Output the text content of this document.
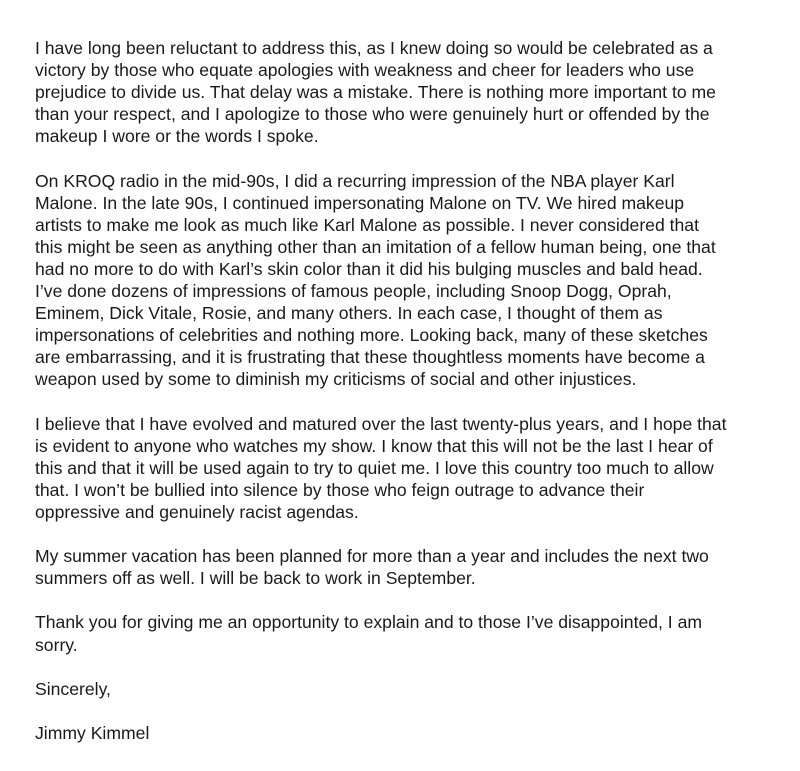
I have long been reluctant to address this, as I knew doing so would be celebrated as a
victory by those who equate apologies with weakness and cheer for leaders who use
prejudice to divide us. That delay was a mistake. There is nothing more important to me
than your respect, and I apologize to those who were genuinely hurt or offended by the
makeup I wore or the words I spoke.
On KROQ radio in the mid-90s, I did a recurring impression of the NBA player Karl
Malone. In the late 90s, I continued impersonating Malone on TV. We hired makeup
artists to make me look as much like Karl Malone as possible. I never considered that
this might be seen as anything other than an imitation of a fellow human being, one that
had no more to do with Karl’s skin color than it did his bulging muscles and bald head.
I’ve done dozens of impressions of famous people, including Snoop Dogg, Oprah,
Eminem, Dick Vitale, Rosie, and many others. In each case, I thought of them as
impersonations of celebrities and nothing more. Looking back, many of these sketches
are embarrassing, and it is frustrating that these thoughtless moments have become a
weapon used by some to diminish my criticisms of social and other injustices.
I believe that I have evolved and matured over the last twenty-plus years, and I hope that
is evident to anyone who watches my show. I know that this will not be the last I hear of
this and that it will be used again to try to quiet me. I love this country too much to allow
that. I won’t be bullied into silence by those who feign outrage to advance their
oppressive and genuinely racist agendas.
My summer vacation has been planned for more than a year and includes the next two
summers off as well. I will be back to work in September.
Thank you for giving me an opportunity to explain and to those I’ve disappointed, I am
sorry.
Sincerely,
Jimmy Kimmel
